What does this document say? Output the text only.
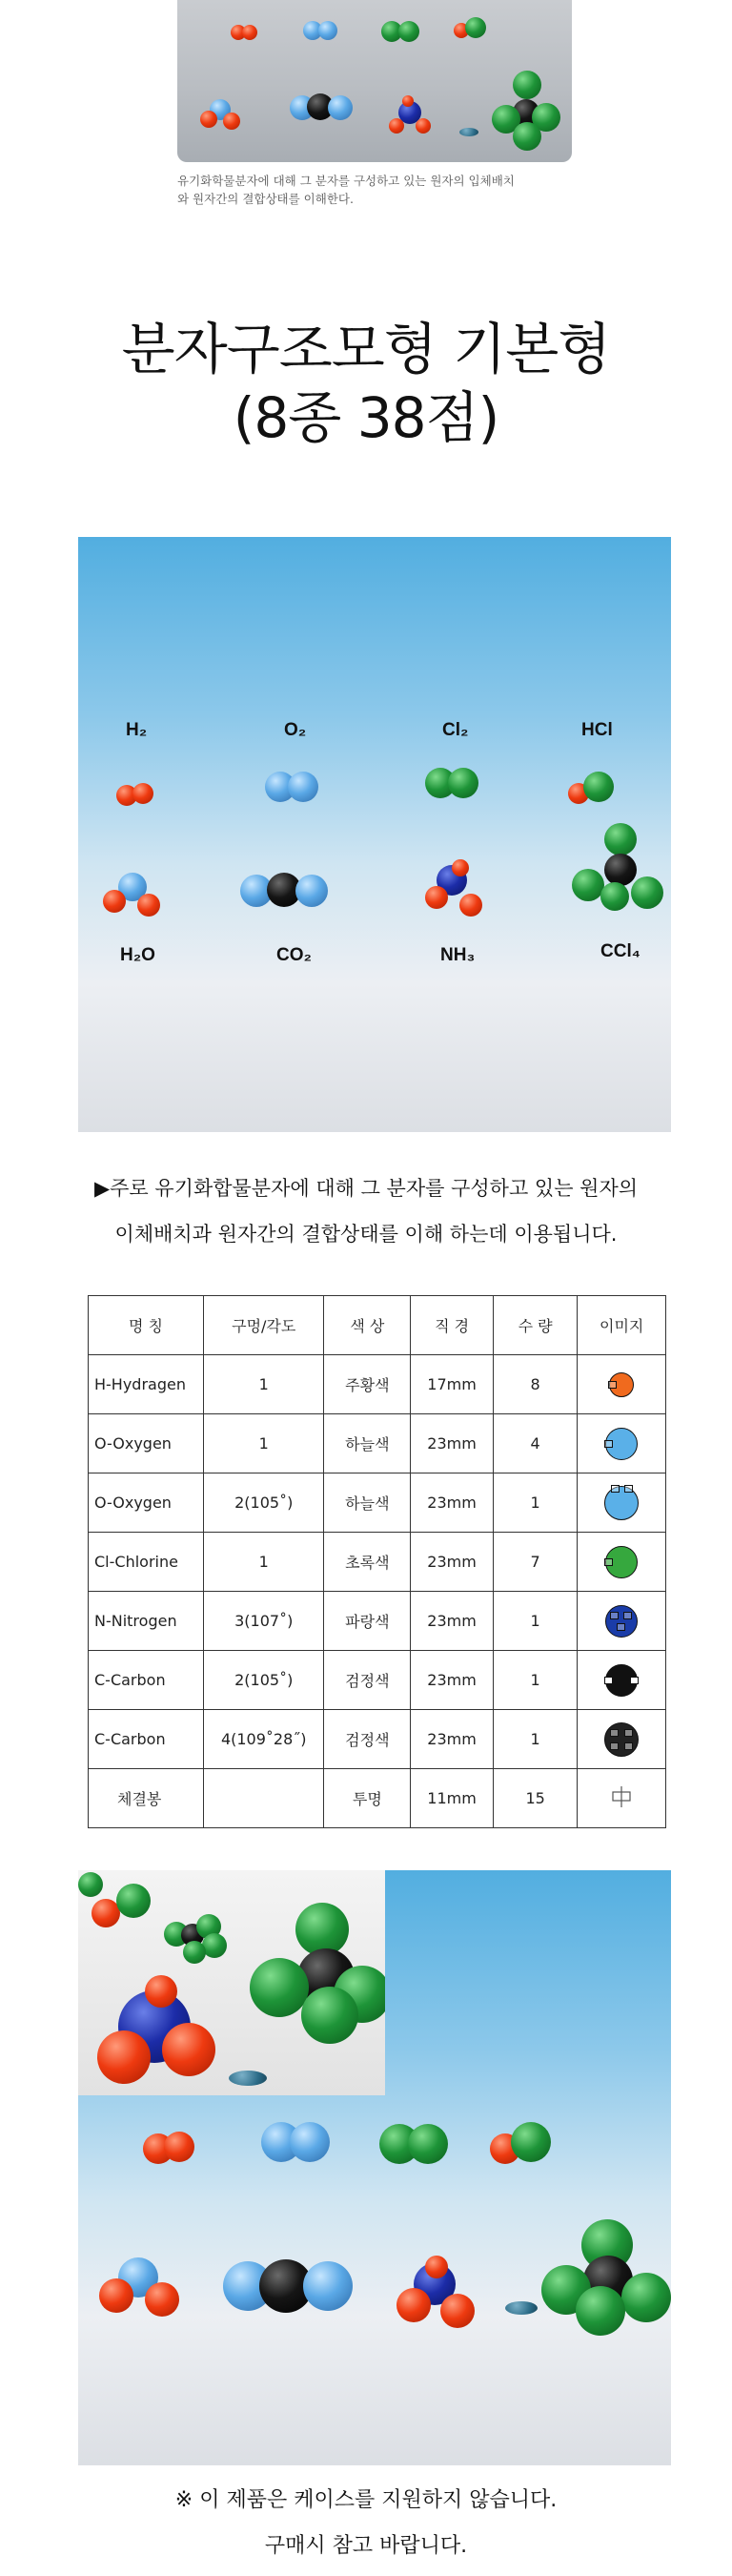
유기화학물분자에 대해 그 분자를 구성하고 있는 원자의 입체배치
와 원자간의 결합상태를 이해한다.
분자구조모형 기본형
(8종 38점)
H₂	O₂	Cl₂	HCl
H₂O	CO₂	NH₃	CCl₄
▶주로 유기화합물분자에 대해 그 분자를 구성하고 있는 원자의
이체배치과 원자간의 결합상태를 이해 하는데 이용됩니다.
명 칭	구멍/각도	색 상	직 경	수 량	이미지
H-Hydragen	1	주황색	17mm	8	

O-Oxygen	1	하늘색	23mm	4	

O-Oxygen	2(105˚)	하늘색	23mm	1	

Cl-Chlorine	1	초록색	23mm	7	

N-Nitrogen	3(107˚)	파랑색	23mm	1	

C-Carbon	2(105˚)	검정색	23mm	1	

C-Carbon	4(109˚28˝)	검정색	23mm	1	

체결봉		투명	11mm	15	
※ 이 제품은 케이스를 지원하지 않습니다.
구매시 참고 바랍니다.
